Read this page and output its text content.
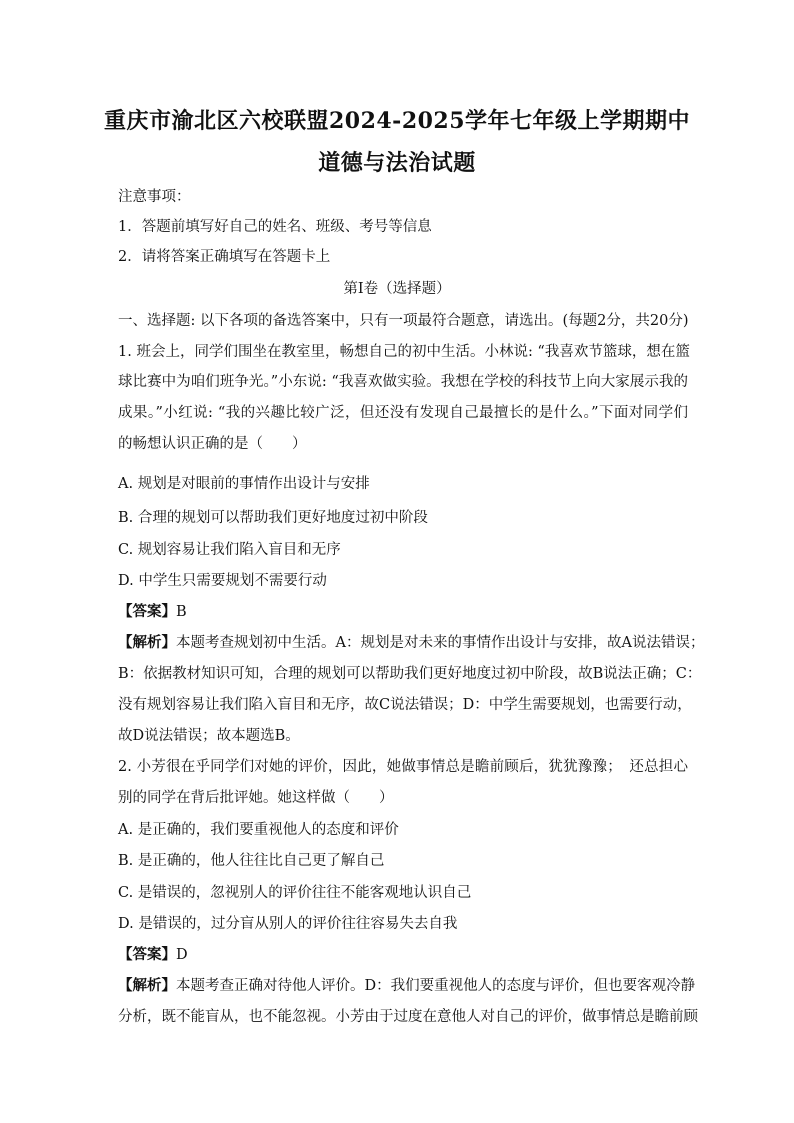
重庆市渝北区六校联盟2024-2025学年七年级上学期期中
道德与法治试题
注意事项：
1．答题前填写好自己的姓名、班级、考号等信息
2．请将答案正确填写在答题卡上
第I卷（选择题）
一、选择题: 以下各项的备选答案中，只有一项最符合题意，请选出。(每题2分，共20分)
1. 班会上，同学们围坐在教室里，畅想自己的初中生活。小林说: “我喜欢节篮球，想在篮
球比赛中为咱们班争光。”小东说: “我喜欢做实验。我想在学校的科技节上向大家展示我的
成果。”小红说: “我的兴趣比较广泛，但还没有发现自己最擅长的是什么。”下面对同学们
的畅想认识正确的是（　　）
A. 规划是对眼前的事情作出设计与安排
B. 合理的规划可以帮助我们更好地度过初中阶段
C. 规划容易让我们陷入盲目和无序
D. 中学生只需要规划不需要行动
【答案】B
【解析】本题考查规划初中生活。A：规划是对未来的事情作出设计与安排，故A说法错误；
B：依据教材知识可知，合理的规划可以帮助我们更好地度过初中阶段，故B说法正确；C：
没有规划容易让我们陷入盲目和无序，故C说法错误；D：中学生需要规划，也需要行动，
故D说法错误；故本题选B。
2. 小芳很在乎同学们对她的评价，因此，她做事情总是瞻前顾后，犹犹豫豫；　还总担心
别的同学在背后批评她。她这样做（　　）
A. 是正确的，我们要重视他人的态度和评价
B. 是正确的，他人往往比自己更了解自己
C. 是错误的，忽视别人的评价往往不能客观地认识自己
D. 是错误的，过分盲从别人的评价往往容易失去自我
【答案】D
【解析】本题考查正确对待他人评价。D：我们要重视他人的态度与评价，但也要客观冷静
分析，既不能盲从，也不能忽视。小芳由于过度在意他人对自己的评价，做事情总是瞻前顾
